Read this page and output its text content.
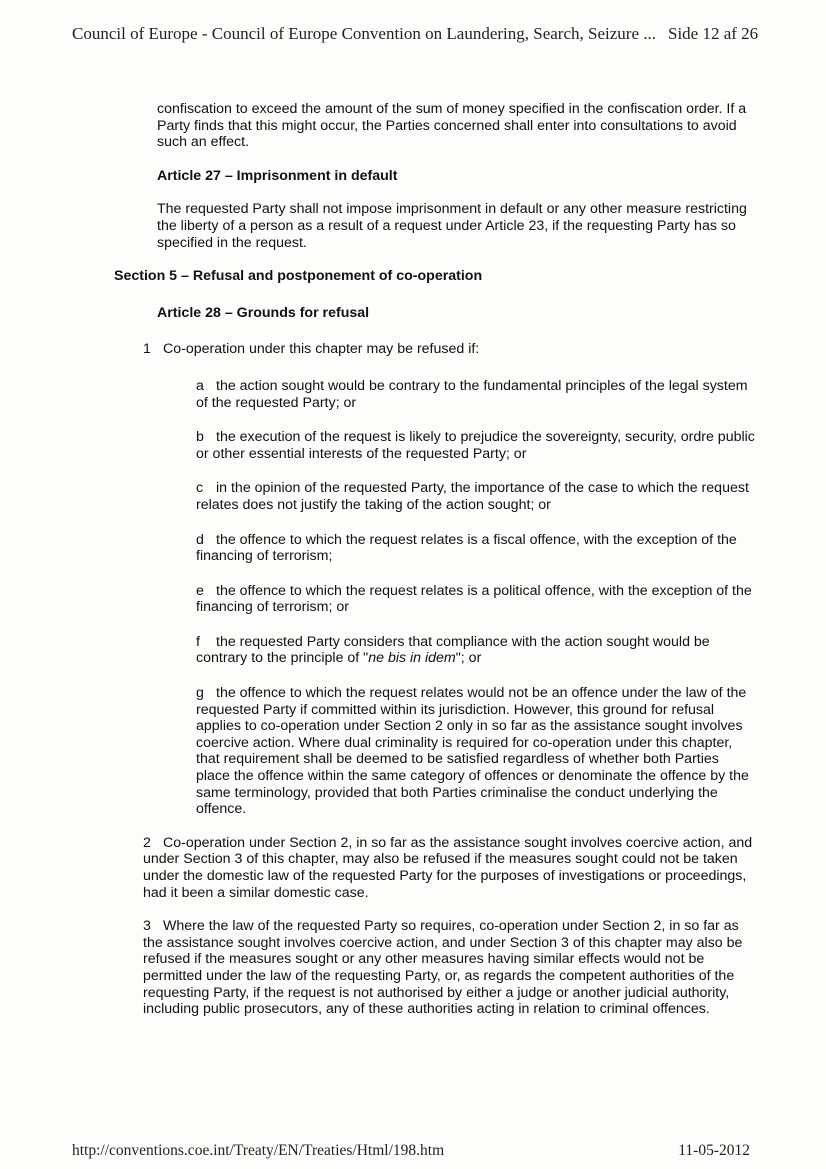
Council of Europe - Council of Europe Convention on Laundering, Search, Seizure ... Side 12 af 26

confiscation to exceed the amount of the sum of money specified in the confiscation order. If a Party finds that this might occur, the Parties concerned shall enter into consultations to avoid such an effect.

Article 27 – Imprisonment in default

The requested Party shall not impose imprisonment in default or any other measure restricting the liberty of a person as a result of a request under Article 23, if the requesting Party has so specified in the request.

Section 5 – Refusal and postponement of co-operation

Article 28 – Grounds for refusal

1 Co-operation under this chapter may be refused if:

a the action sought would be contrary to the fundamental principles of the legal system of the requested Party; or

b the execution of the request is likely to prejudice the sovereignty, security, ordre public or other essential interests of the requested Party; or

c in the opinion of the requested Party, the importance of the case to which the request relates does not justify the taking of the action sought; or

d the offence to which the request relates is a fiscal offence, with the exception of the financing of terrorism;

e the offence to which the request relates is a political offence, with the exception of the financing of terrorism; or

f the requested Party considers that compliance with the action sought would be contrary to the principle of "ne bis in idem"; or

g the offence to which the request relates would not be an offence under the law of the requested Party if committed within its jurisdiction. However, this ground for refusal applies to co-operation under Section 2 only in so far as the assistance sought involves coercive action. Where dual criminality is required for co-operation under this chapter, that requirement shall be deemed to be satisfied regardless of whether both Parties place the offence within the same category of offences or denominate the offence by the same terminology, provided that both Parties criminalise the conduct underlying the offence.

2 Co-operation under Section 2, in so far as the assistance sought involves coercive action, and under Section 3 of this chapter, may also be refused if the measures sought could not be taken under the domestic law of the requested Party for the purposes of investigations or proceedings, had it been a similar domestic case.

3 Where the law of the requested Party so requires, co-operation under Section 2, in so far as the assistance sought involves coercive action, and under Section 3 of this chapter may also be refused if the measures sought or any other measures having similar effects would not be permitted under the law of the requesting Party, or, as regards the competent authorities of the requesting Party, if the request is not authorised by either a judge or another judicial authority, including public prosecutors, any of these authorities acting in relation to criminal offences.

http://conventions.coe.int/Treaty/EN/Treaties/Html/198.htm	11-05-2012
